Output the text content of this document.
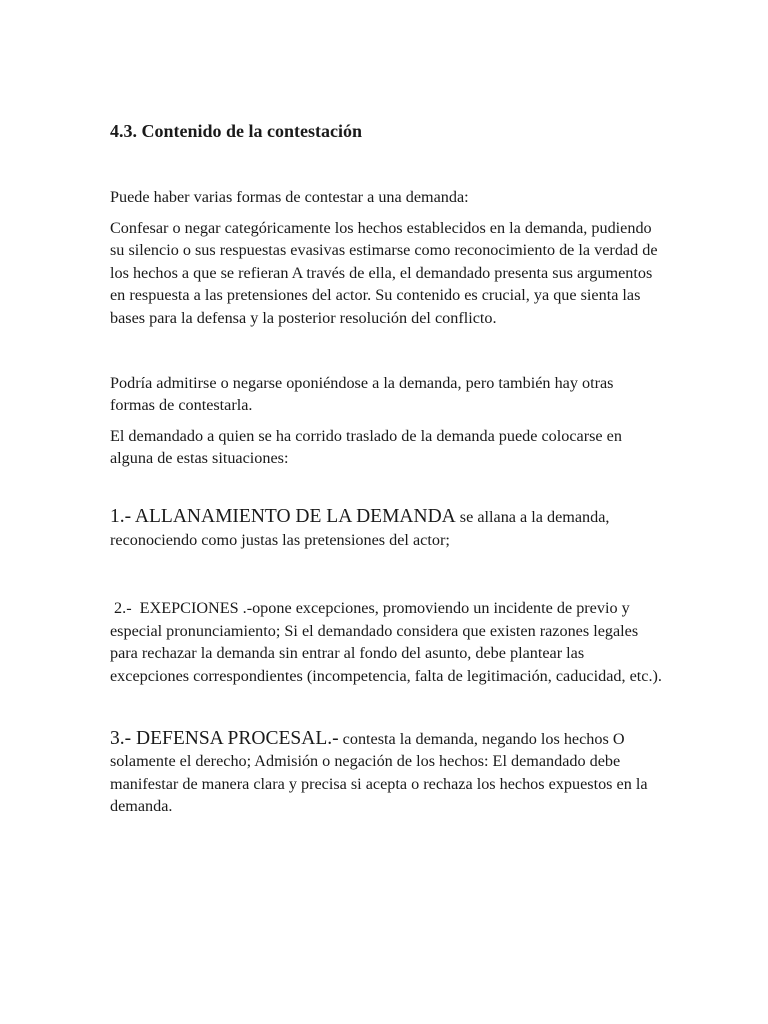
4.3. Contenido de la contestación

Puede haber varias formas de contestar a una demanda:

Confesar o negar categóricamente los hechos establecidos en la demanda, pudiendo su silencio o sus respuestas evasivas estimarse como reconocimiento de la verdad de los hechos a que se refieran A través de ella, el demandado presenta sus argumentos en respuesta a las pretensiones del actor. Su contenido es crucial, ya que sienta las bases para la defensa y la posterior resolución del conflicto.

Podría admitirse o negarse oponiéndose a la demanda, pero también hay otras formas de contestarla.

El demandado a quien se ha corrido traslado de la demanda puede colocarse en alguna de estas situaciones:

1.- ALLANAMIENTO DE LA DEMANDA se allana a la demanda, reconociendo como justas las pretensiones del actor;

2.-  EXEPCIONES .-opone excepciones, promoviendo un incidente de previo y especial pronunciamiento; Si el demandado considera que existen razones legales para rechazar la demanda sin entrar al fondo del asunto, debe plantear las excepciones correspondientes (incompetencia, falta de legitimación, caducidad, etc.).

3.- DEFENSA PROCESAL.- contesta la demanda, negando los hechos O solamente el derecho; Admisión o negación de los hechos: El demandado debe manifestar de manera clara y precisa si acepta o rechaza los hechos expuestos en la demanda.
